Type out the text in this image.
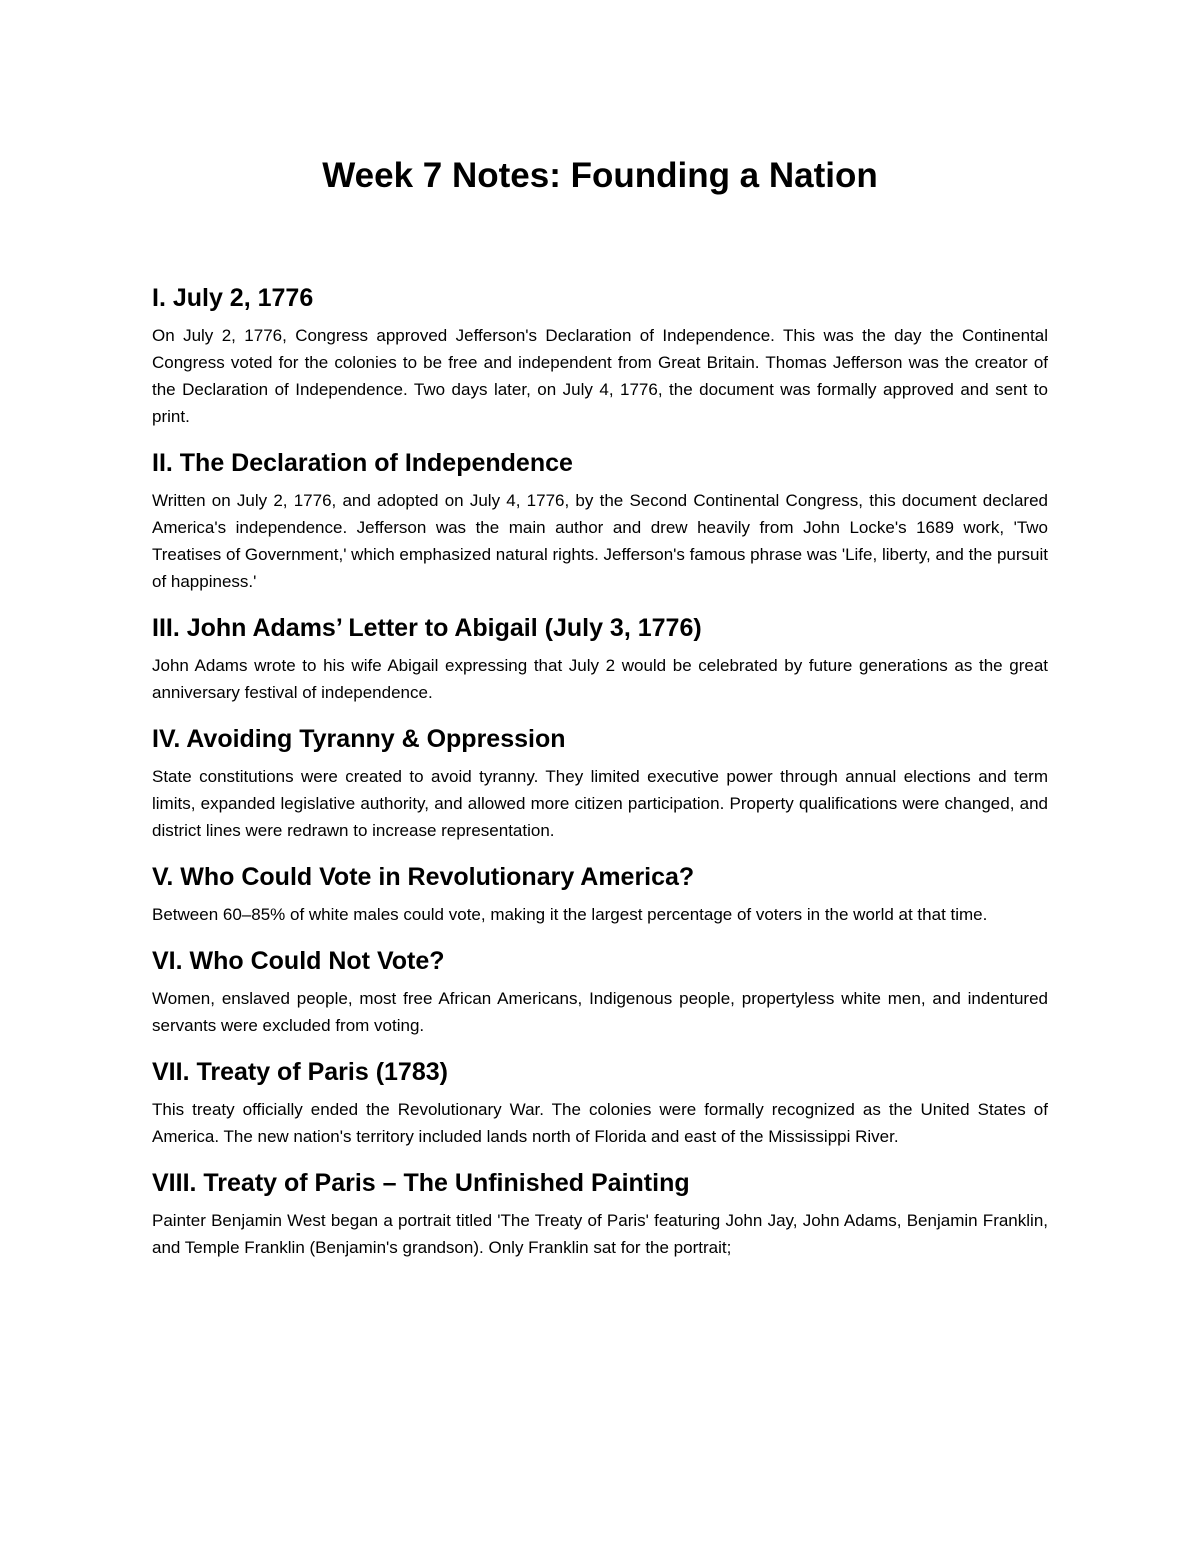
Week 7 Notes: Founding a Nation
I. July 2, 1776

On July 2, 1776, Congress approved Jefferson's Declaration of Independence. This was the day the Continental Congress voted for the colonies to be free and independent from Great Britain. Thomas Jefferson was the creator of the Declaration of Independence. Two days later, on July 4, 1776, the document was formally approved and sent to print.

II. The Declaration of Independence

Written on July 2, 1776, and adopted on July 4, 1776, by the Second Continental Congress, this document declared America's independence. Jefferson was the main author and drew heavily from John Locke's 1689 work, 'Two Treatises of Government,' which emphasized natural rights. Jefferson's famous phrase was 'Life, liberty, and the pursuit of happiness.'

III. John Adams’ Letter to Abigail (July 3, 1776)

John Adams wrote to his wife Abigail expressing that July 2 would be celebrated by future generations as the great anniversary festival of independence.

IV. Avoiding Tyranny & Oppression

State constitutions were created to avoid tyranny. They limited executive power through annual elections and term limits, expanded legislative authority, and allowed more citizen participation. Property qualifications were changed, and district lines were redrawn to increase representation.

V. Who Could Vote in Revolutionary America?

Between 60–85% of white males could vote, making it the largest percentage of voters in the world at that time.

VI. Who Could Not Vote?

Women, enslaved people, most free African Americans, Indigenous people, propertyless white men, and indentured servants were excluded from voting.

VII. Treaty of Paris (1783)

This treaty officially ended the Revolutionary War. The colonies were formally recognized as the United States of America. The new nation's territory included lands north of Florida and east of the Mississippi River.

VIII. Treaty of Paris – The Unfinished Painting

Painter Benjamin West began a portrait titled 'The Treaty of Paris' featuring John Jay, John Adams, Benjamin Franklin, and Temple Franklin (Benjamin's grandson). Only Franklin sat for the portrait;
